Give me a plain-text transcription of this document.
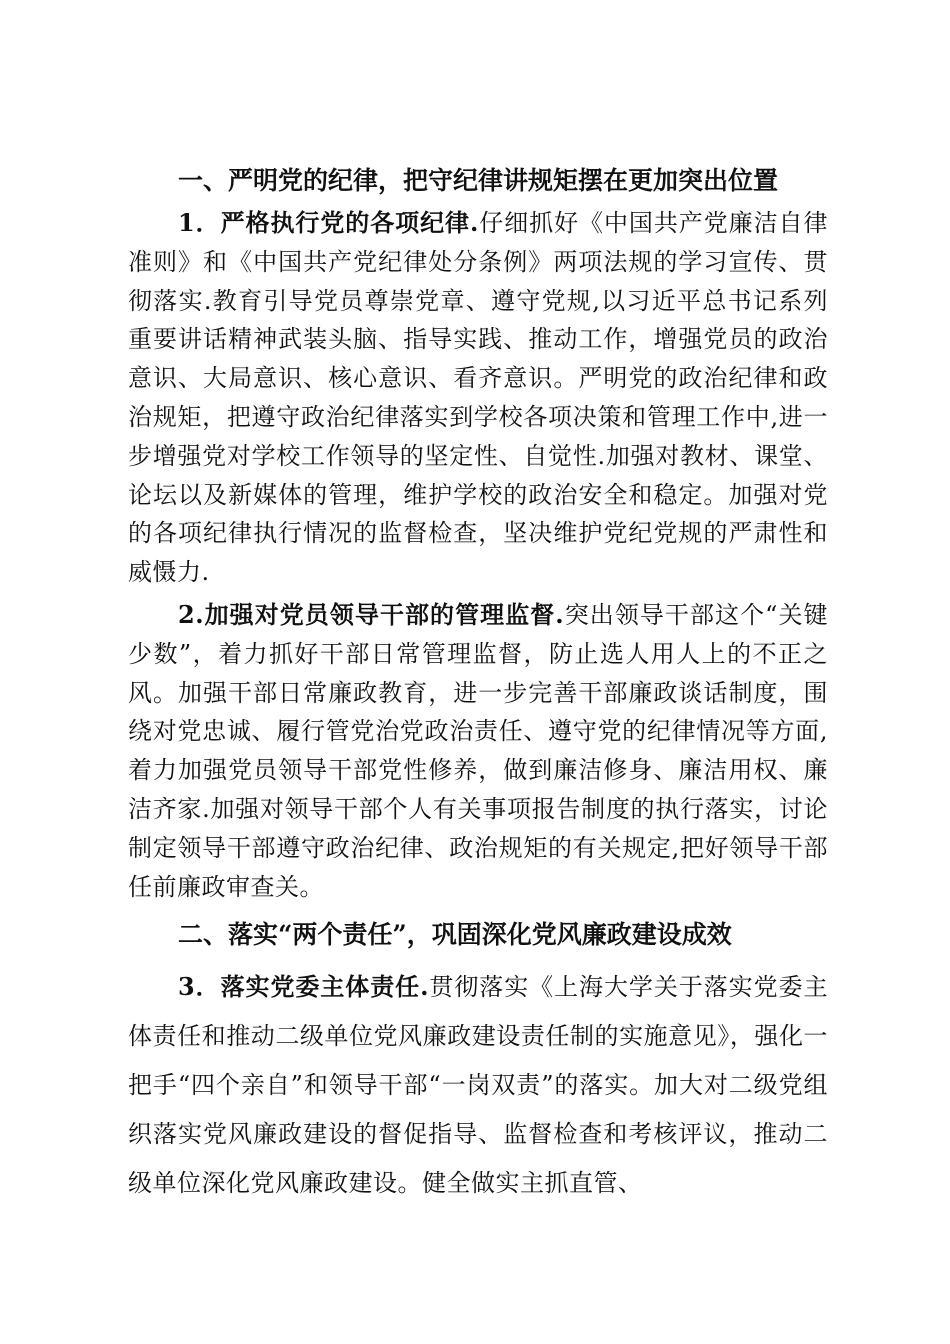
一、严明党的纪律，把守纪律讲规矩摆在更加突出位置

1．严格执行党的各项纪律.仔细抓好《中国共产党廉洁自律准则》和《中国共产党纪律处分条例》两项法规的学习宣传、贯彻落实.教育引导党员尊崇党章、遵守党规,以习近平总书记系列重要讲话精神武装头脑、指导实践、推动工作，增强党员的政治意识、大局意识、核心意识、看齐意识。严明党的政治纪律和政治规矩，把遵守政治纪律落实到学校各项决策和管理工作中,进一步增强党对学校工作领导的坚定性、自觉性.加强对教材、课堂、论坛以及新媒体的管理，维护学校的政治安全和稳定。加强对党的各项纪律执行情况的监督检查，坚决维护党纪党规的严肃性和威慑力.

2.加强对党员领导干部的管理监督.突出领导干部这个“关键少数”，着力抓好干部日常管理监督，防止选人用人上的不正之风。加强干部日常廉政教育，进一步完善干部廉政谈话制度，围绕对党忠诚、履行管党治党政治责任、遵守党的纪律情况等方面,着力加强党员领导干部党性修养，做到廉洁修身、廉洁用权、廉洁齐家.加强对领导干部个人有关事项报告制度的执行落实，讨论制定领导干部遵守政治纪律、政治规矩的有关规定,把好领导干部任前廉政审查关。

二、落实“两个责任”，巩固深化党风廉政建设成效

3．落实党委主体责任.贯彻落实《上海大学关于落实党委主体责任和推动二级单位党风廉政建设责任制的实施意见》，强化一把手“四个亲自”和领导干部“一岗双责”的落实。加大对二级党组织落实党风廉政建设的督促指导、监督检查和考核评议，推动二级单位深化党风廉政建设。健全做实主抓直管、
